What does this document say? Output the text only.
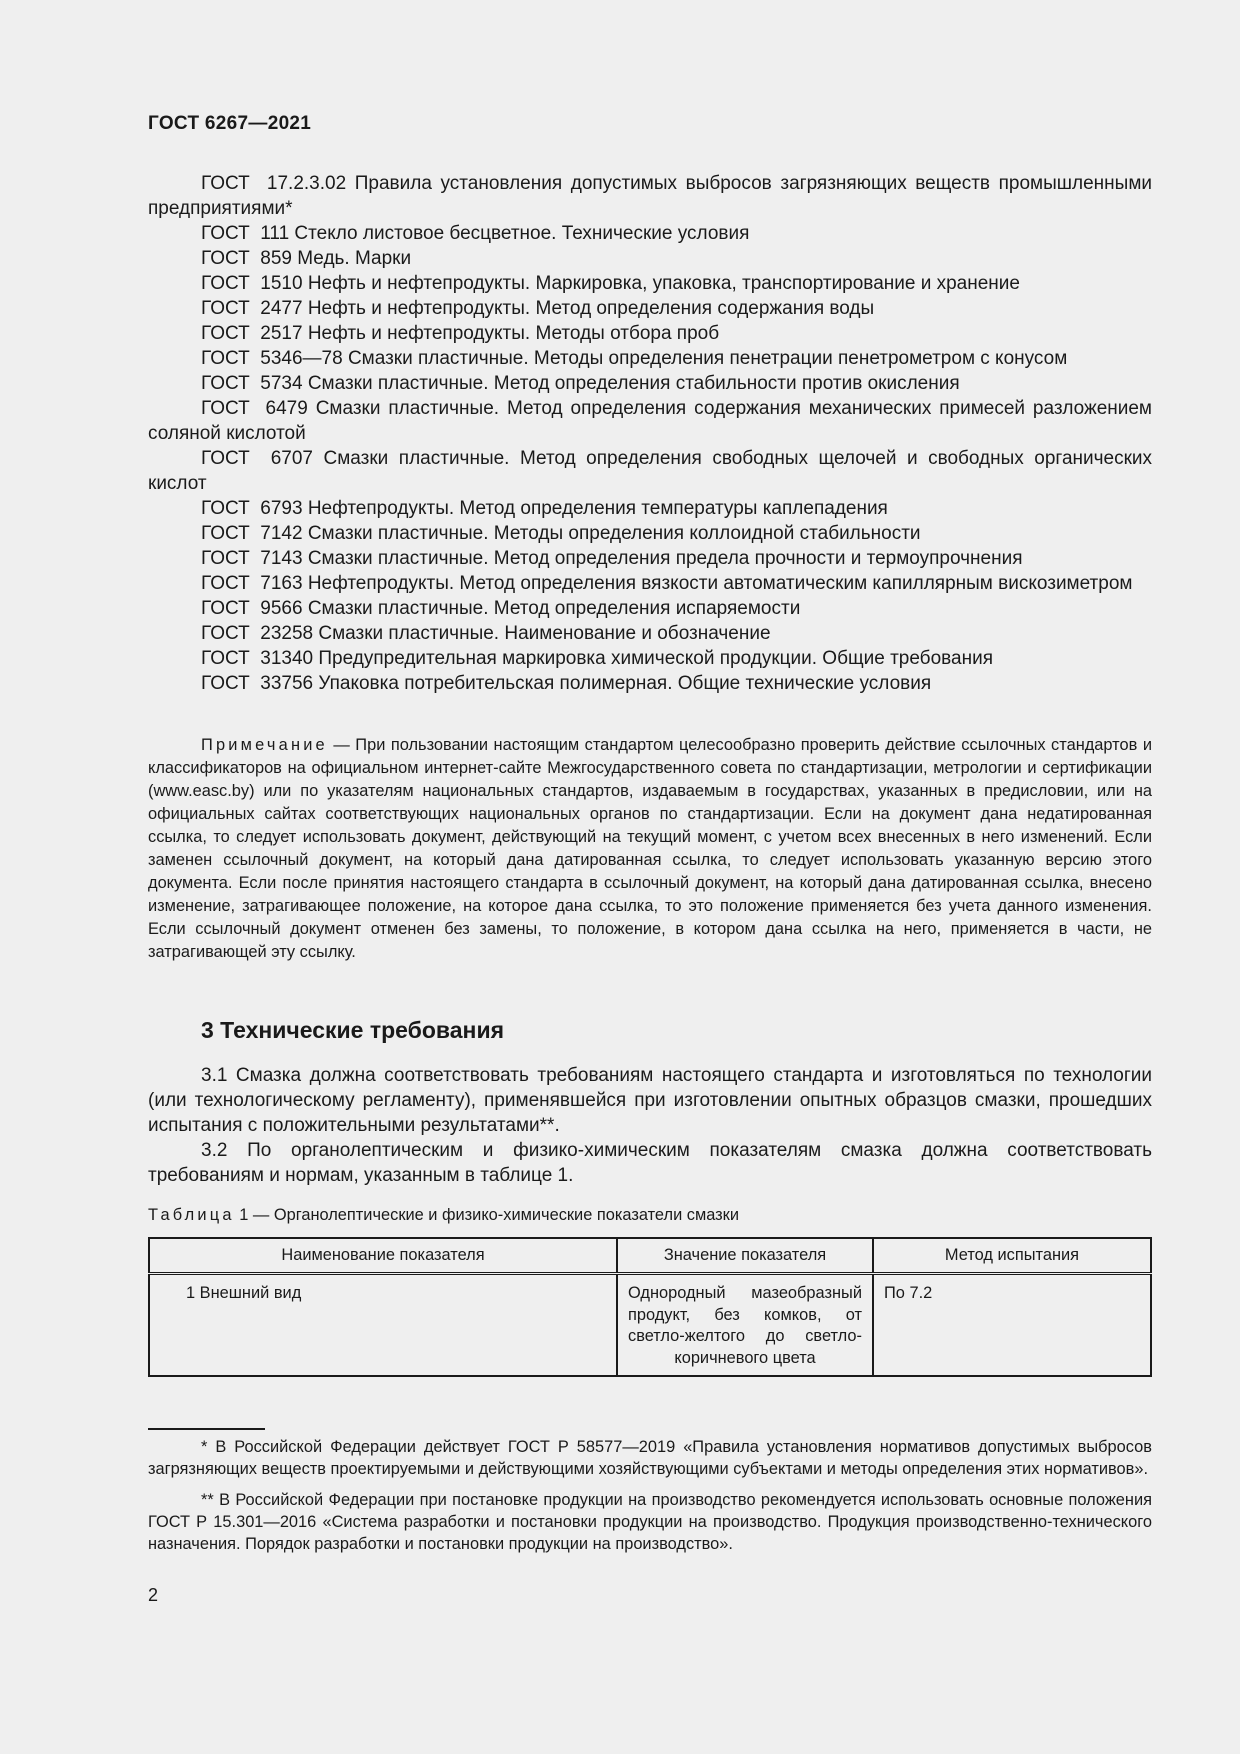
ГОСТ 6267—2021
ГОСТ  17.2.3.02 Правила установления допустимых выбросов загрязняющих веществ промышленными предприятиями*
ГОСТ  111 Стекло листовое бесцветное. Технические условия
ГОСТ  859 Медь. Марки
ГОСТ  1510 Нефть и нефтепродукты. Маркировка, упаковка, транспортирование и хранение
ГОСТ  2477 Нефть и нефтепродукты. Метод определения содержания воды
ГОСТ  2517 Нефть и нефтепродукты. Методы отбора проб
ГОСТ  5346—78 Смазки пластичные. Методы определения пенетрации пенетрометром с конусом
ГОСТ  5734 Смазки пластичные. Метод определения стабильности против окисления
ГОСТ  6479 Смазки пластичные. Метод определения содержания механических примесей разложением соляной кислотой
ГОСТ  6707 Смазки пластичные. Метод определения свободных щелочей и свободных органических кислот
ГОСТ  6793 Нефтепродукты. Метод определения температуры каплепадения
ГОСТ  7142 Смазки пластичные. Методы определения коллоидной стабильности
ГОСТ  7143 Смазки пластичные. Метод определения предела прочности и термоупрочнения
ГОСТ  7163 Нефтепродукты. Метод определения вязкости автоматическим капиллярным вискозиметром
ГОСТ  9566 Смазки пластичные. Метод определения испаряемости
ГОСТ  23258 Смазки пластичные. Наименование и обозначение
ГОСТ  31340 Предупредительная маркировка химической продукции. Общие требования
ГОСТ  33756 Упаковка потребительская полимерная. Общие технические условия
Примечание — При пользовании настоящим стандартом целесообразно проверить действие ссылочных стандартов и классификаторов на официальном интернет-сайте Межгосударственного совета по стандартизации, метрологии и сертификации (www.easc.by) или по указателям национальных стандартов, издаваемым в государствах, указанных в предисловии, или на официальных сайтах соответствующих национальных органов по стандартизации. Если на документ дана недатированная ссылка, то следует использовать документ, действующий на текущий момент, с учетом всех внесенных в него изменений. Если заменен ссылочный документ, на который дана датированная ссылка, то следует использовать указанную версию этого документа. Если после принятия настоящего стандарта в ссылочный документ, на который дана датированная ссылка, внесено изменение, затрагивающее положение, на которое дана ссылка, то это положение применяется без учета данного изменения. Если ссылочный документ отменен без замены, то положение, в котором дана ссылка на него, применяется в части, не затрагивающей эту ссылку.
3 Технические требования
3.1 Смазка должна соответствовать требованиям настоящего стандарта и изготовляться по технологии (или технологическому регламенту), применявшейся при изготовлении опытных образцов смазки, прошедших испытания с положительными результатами**.
3.2 По органолептическим и физико-химическим показателям смазка должна соответствовать требованиям и нормам, указанным в таблице 1.
Таблица 1 — Органолептические и физико-химические показатели смазки
Наименование показателя	Значение показателя	Метод испытания
1 Внешний вид	Однородный мазеобразный продукт, без комков, от светло-желтого до светло-коричневого цвета	По 7.2
* В Российской Федерации действует ГОСТ Р 58577—2019 «Правила установления нормативов допустимых выбросов загрязняющих веществ проектируемыми и действующими хозяйствующими субъектами и методы определения этих нормативов».
** В Российской Федерации при постановке продукции на производство рекомендуется использовать основные положения ГОСТ Р 15.301—2016 «Система разработки и постановки продукции на производство. Продукция производственно-технического назначения. Порядок разработки и постановки продукции на производство».
2
